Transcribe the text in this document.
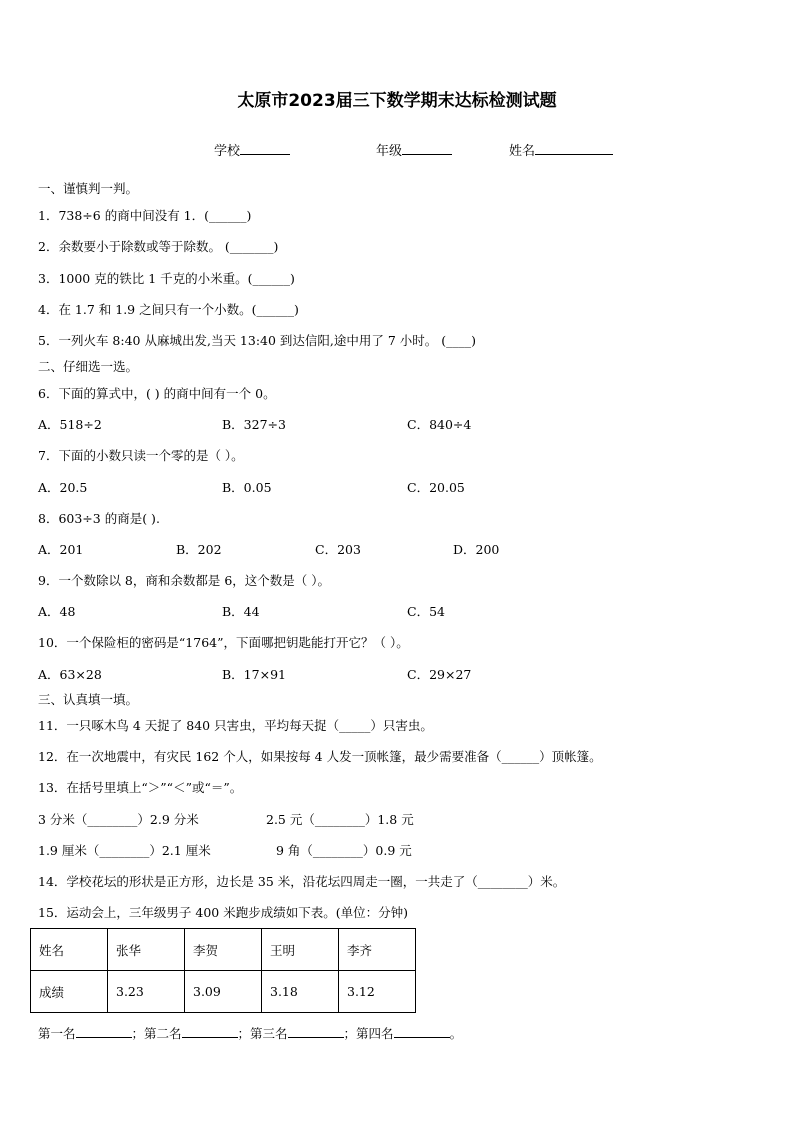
太原市2023届三下数学期末达标检测试题
学校	年级	姓名
一、谨慎判一判。
1．738÷6 的商中间没有 1．(______)
2．余数要小于除数或等于除数。 (_______)
3．1000 克的铁比 1 千克的小米重。(______)
4．在 1.7 和 1.9 之间只有一个小数。(______)
5．一列火车 8:40 从麻城出发,当天 13:40 到达信阳,途中用了 7 小时。 (____)
二、仔细选一选。
6．下面的算式中，( ) 的商中间有一个 0。
A．518÷2	B．327÷3	C．840÷4
7．下面的小数只读一个零的是（ ）。
A．20.5	B．0.05	C．20.05
8．603÷3 的商是( ).
A．201	B．202	C．203	D．200
9．一个数除以 8，商和余数都是 6，这个数是（ ）。
A．48	B．44	C．54
10．一个保险柜的密码是“1764”，下面哪把钥匙能打开它？（ ）。
A．63×28	B．17×91	C．29×27
三、认真填一填。
11．一只啄木鸟 4 天捉了 840 只害虫，平均每天捉（_____）只害虫。
12．在一次地震中，有灾民 162 个人，如果按每 4 人发一顶帐篷，最少需要准备（______）顶帐篷。
13．在括号里填上“＞”“＜”或“＝”。
3 分米（________）2.9 分米	2.5 元（________）1.8 元
1.9 厘米（________）2.1 厘米	9 角（________）0.9 元
14．学校花坛的形状是正方形，边长是 35 米，沿花坛四周走一圈，一共走了（________）米。
15．运动会上，三年级男子 400 米跑步成绩如下表。(单位：分钟)
姓名	张华	李贺	王明	李齐
成绩	3.23	3.09	3.18	3.12
第一名	；第二名	；第三名	；第四名	。
